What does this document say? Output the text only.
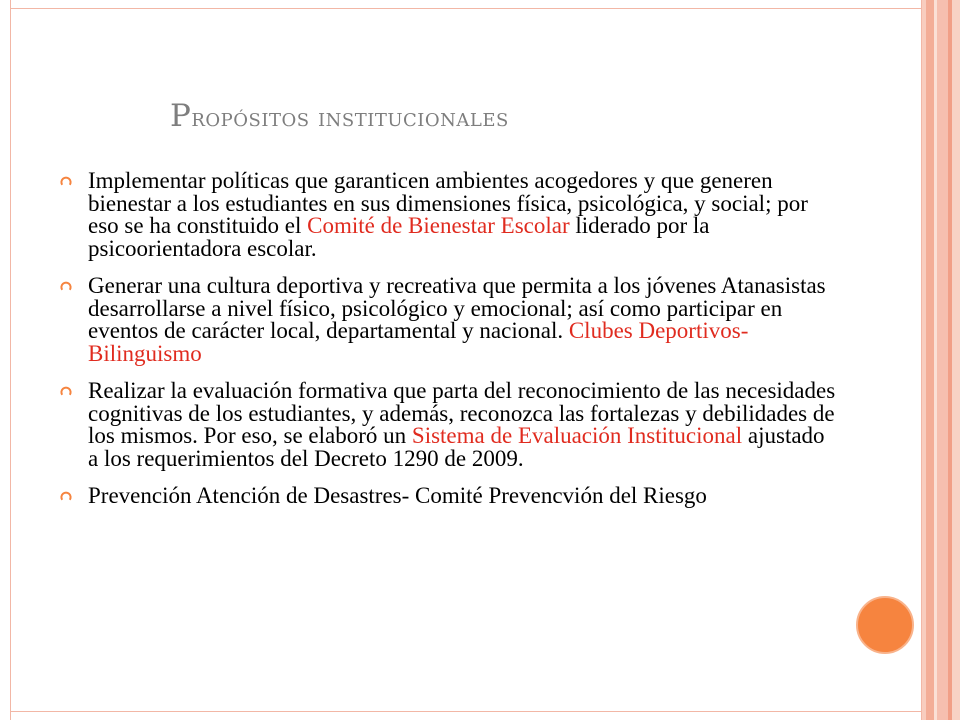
Propósitos institucionales
Implementar políticas que garanticen ambientes acogedores y que generen bienestar a los estudiantes en sus dimensiones física, psicológica, y social; por eso se ha constituido el Comité de Bienestar Escolar liderado por la psicoorientadora escolar.
Generar una cultura deportiva y recreativa que permita a los jóvenes Atanasistas desarrollarse a nivel físico, psicológico y emocional; así como participar en eventos de carácter local, departamental y nacional. Clubes Deportivos- Bilinguismo
Realizar la evaluación formativa que parta del reconocimiento de las necesidades cognitivas de los estudiantes, y además, reconozca las fortalezas y debilidades de los mismos. Por eso, se elaboró un Sistema de Evaluación Institucional ajustado a los requerimientos del Decreto 1290 de 2009.
Prevención Atención de Desastres- Comité Prevencvión del Riesgo
